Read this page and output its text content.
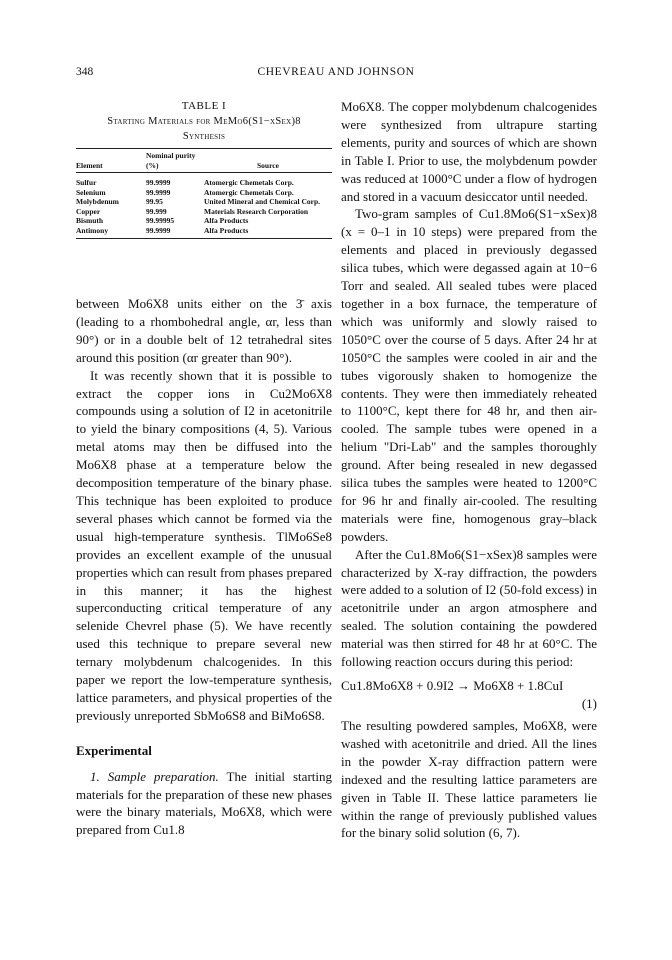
CHEVREAU AND JOHNSON
348
TABLE I
Starting Materials for MeMo6(S1−xSex)8
Synthesis
Element	Nominal purity (%)	Source
Sulfur	99.9999	Atomergic Chemetals Corp.
Selenium	99.9999	Atomergic Chemetals Corp.
Molybdenum	99.95	United Mineral and Chemical Corp.
Copper	99.999	Materials Research Corporation
Bismuth	99.99995	Alfa Products
Antimony	99.9999	Alfa Products

between Mo6X8 units either on the 3̄ axis (leading to a rhombohedral angle, αr, less than 90°) or in a double belt of 12 tetrahedral sites around this position (αr greater than 90°).

It was recently shown that it is possible to extract the copper ions in Cu2Mo6X8 compounds using a solution of I2 in acetonitrile to yield the binary compositions (4, 5). Various metal atoms may then be diffused into the Mo6X8 phase at a temperature below the decomposition temperature of the binary phase. This technique has been exploited to produce several phases which cannot be formed via the usual high-temperature synthesis. TlMo6Se8 provides an excellent example of the unusual properties which can result from phases prepared in this manner; it has the highest superconducting critical temperature of any selenide Chevrel phase (5). We have recently used this technique to prepare several new ternary molybdenum chalcogenides. In this paper we report the low-temperature synthesis, lattice parameters, and physical properties of the previously unreported SbMo6S8 and BiMo6S8.

Experimental

1. Sample preparation. The initial starting materials for the preparation of these new phases were the binary materials, Mo6X8, which were prepared from Cu1.8

Mo6X8. The copper molybdenum chalcogenides were synthesized from ultrapure starting elements, purity and sources of which are shown in Table I. Prior to use, the molybdenum powder was reduced at 1000°C under a flow of hydrogen and stored in a vacuum desiccator until needed.

Two-gram samples of Cu1.8Mo6(S1−xSex)8 (x = 0–1 in 10 steps) were prepared from the elements and placed in previously degassed silica tubes, which were degassed again at 10−6 Torr and sealed. All sealed tubes were placed together in a box furnace, the temperature of which was uniformly and slowly raised to 1050°C over the course of 5 days. After 24 hr at 1050°C the samples were cooled in air and the tubes vigorously shaken to homogenize the contents. They were then immediately reheated to 1100°C, kept there for 48 hr, and then air-cooled. The sample tubes were opened in a helium "Dri-Lab" and the samples thoroughly ground. After being resealed in new degassed silica tubes the samples were heated to 1200°C for 96 hr and finally air-cooled. The resulting materials were fine, homogenous gray–black powders.

After the Cu1.8Mo6(S1−xSex)8 samples were characterized by X-ray diffraction, the powders were added to a solution of I2 (50-fold excess) in acetonitrile under an argon atmosphere and sealed. The solution containing the powdered material was then stirred for 48 hr at 60°C. The following reaction occurs during this period:

Cu1.8Mo6X8 + 0.9I2 → Mo6X8 + 1.8CuI
(1)

The resulting powdered samples, Mo6X8, were washed with acetonitrile and dried. All the lines in the powder X-ray diffraction pattern were indexed and the resulting lattice parameters are given in Table II. These lattice parameters lie within the range of previously published values for the binary solid solution (6, 7).
